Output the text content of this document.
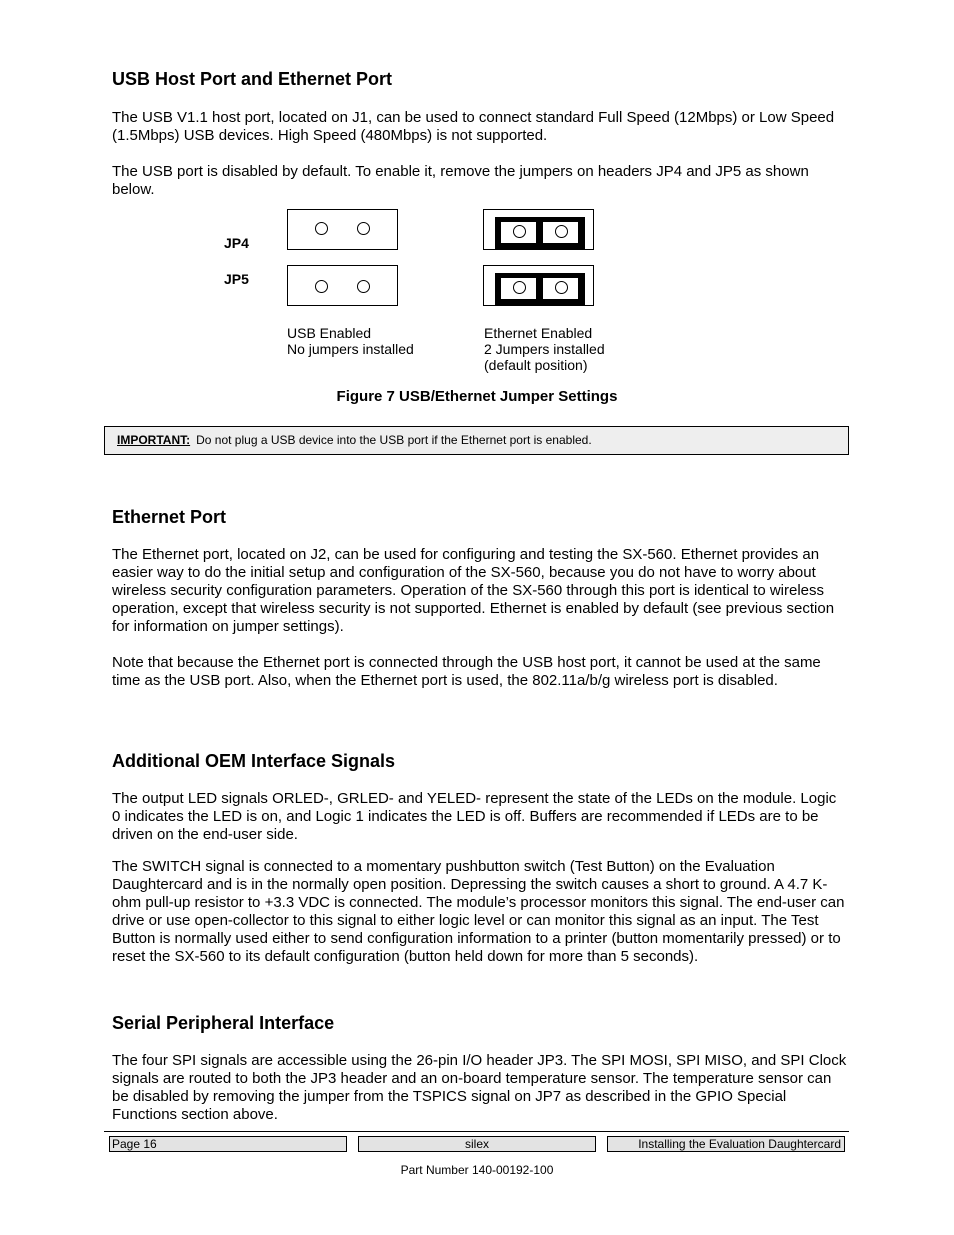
USB Host Port and Ethernet Port

The USB V1.1 host port, located on J1, can be used to connect standard Full Speed (12Mbps) or Low Speed (1.5Mbps) USB devices. High Speed (480Mbps) is not supported.

The USB port is disabled by default. To enable it, remove the jumpers on headers JP4 and JP5 as shown below.

JP4
JP5
USB Enabled
No jumpers installed
Ethernet Enabled
2 Jumpers installed
(default position)
Figure 7 USB/Ethernet Jumper Settings
IMPORTANT: Do not plug a USB device into the USB port if the Ethernet port is enabled.
Ethernet Port

The Ethernet port, located on J2, can be used for configuring and testing the SX-560. Ethernet provides an easier way to do the initial setup and configuration of the SX-560, because you do not have to worry about wireless security configuration parameters. Operation of the SX-560 through this port is identical to wireless operation, except that wireless security is not supported. Ethernet is enabled by default (see previous section for information on jumper settings).

Note that because the Ethernet port is connected through the USB host port, it cannot be used at the same time as the USB port. Also, when the Ethernet port is used, the 802.11a/b/g wireless port is disabled.

Additional OEM Interface Signals

The output LED signals ORLED-, GRLED- and YELED- represent the state of the LEDs on the module. Logic 0 indicates the LED is on, and Logic 1 indicates the LED is off. Buffers are recommended if LEDs are to be driven on the end-user side.

The SWITCH signal is connected to a momentary pushbutton switch (Test Button) on the Evaluation Daughtercard and is in the normally open position. Depressing the switch causes a short to ground. A 4.7 K-ohm pull-up resistor to +3.3 VDC is connected. The module’s processor monitors this signal. The end-user can drive or use open-collector to this signal to either logic level or can monitor this signal as an input. The Test Button is normally used either to send configuration information to a printer (button momentarily pressed) or to reset the SX-560 to its default configuration (button held down for more than 5 seconds).

Serial Peripheral Interface

The four SPI signals are accessible using the 26-pin I/O header JP3. The SPI MOSI, SPI MISO, and SPI Clock signals are routed to both the JP3 header and an on-board temperature sensor. The temperature sensor can be disabled by removing the jumper from the TSPICS signal on JP7 as described in the GPIO Special Functions section above.

Page 16	silex	Installing the Evaluation Daughtercard
Part Number 140-00192-100
